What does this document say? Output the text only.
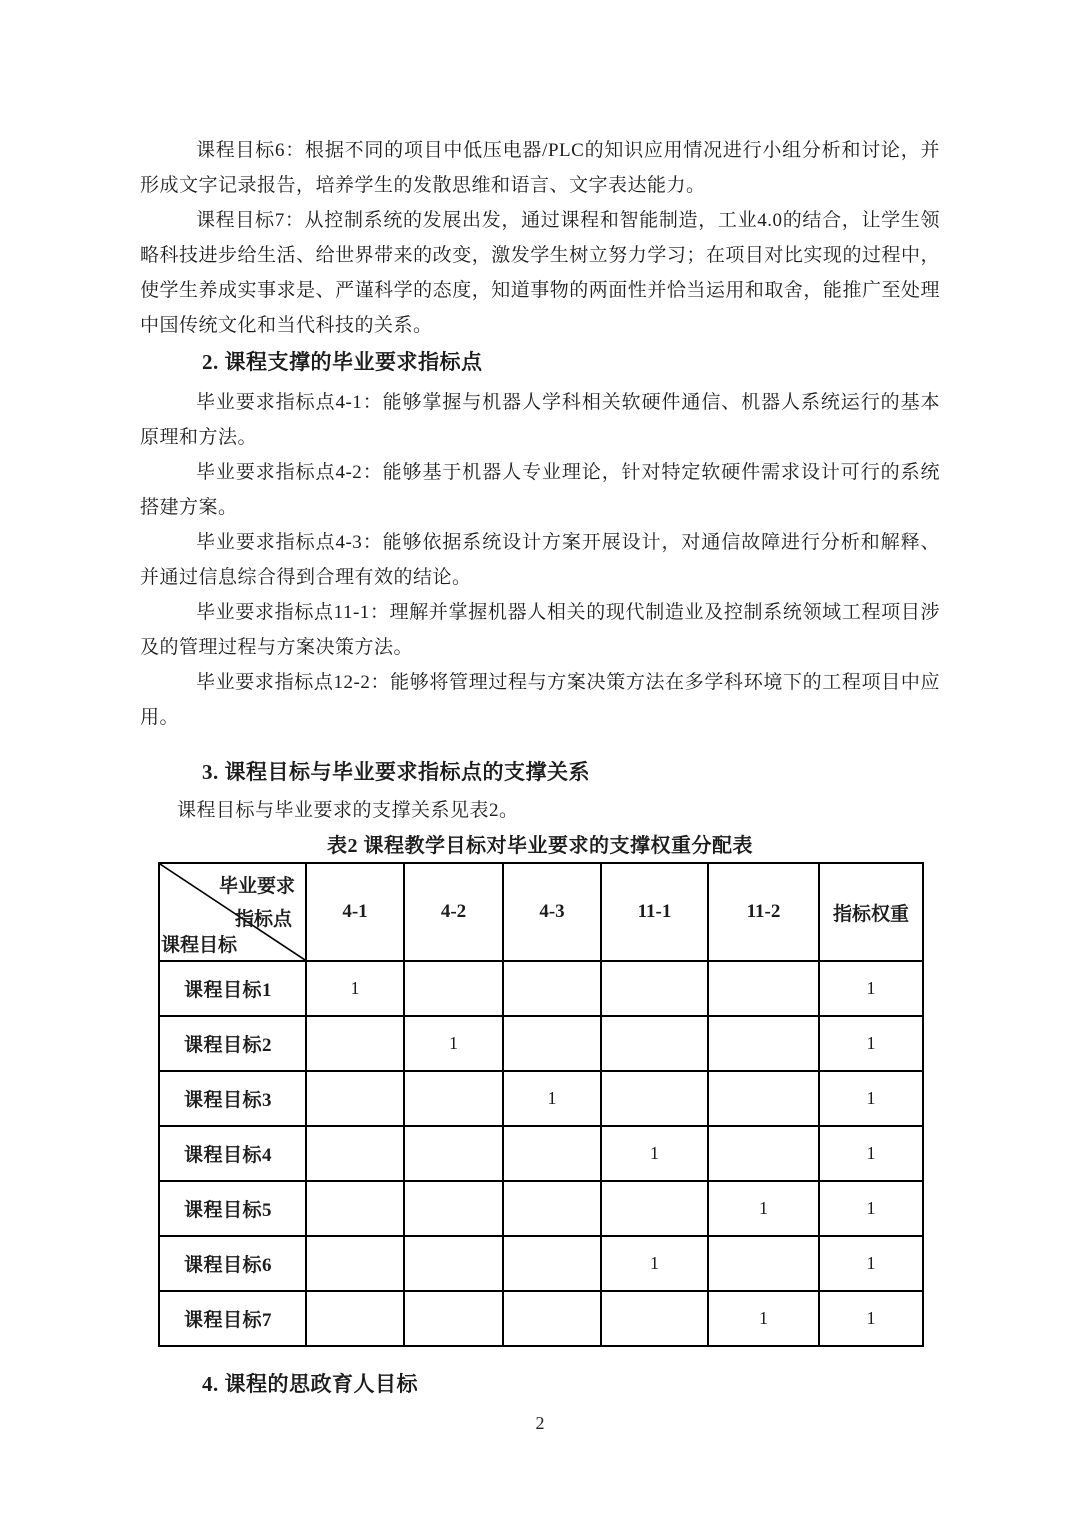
课程目标6：根据不同的项目中低压电器/PLC的知识应用情况进行小组分析和讨论，并形成文字记录报告，培养学生的发散思维和语言、文字表达能力。

课程目标7：从控制系统的发展出发，通过课程和智能制造，工业4.0的结合，让学生领略科技进步给生活、给世界带来的改变，激发学生树立努力学习；在项目对比实现的过程中，使学生养成实事求是、严谨科学的态度，知道事物的两面性并恰当运用和取舍，能推广至处理中国传统文化和当代科技的关系。

2. 课程支撑的毕业要求指标点

毕业要求指标点4-1：能够掌握与机器人学科相关软硬件通信、机器人系统运行的基本原理和方法。

毕业要求指标点4-2：能够基于机器人专业理论，针对特定软硬件需求设计可行的系统搭建方案。

毕业要求指标点4-3：能够依据系统设计方案开展设计，对通信故障进行分析和解释、并通过信息综合得到合理有效的结论。

毕业要求指标点11-1：理解并掌握机器人相关的现代制造业及控制系统领域工程项目涉及的管理过程与方案决策方法。

毕业要求指标点12-2：能够将管理过程与方案决策方法在多学科环境下的工程项目中应用。

3. 课程目标与毕业要求指标点的支撑关系

课程目标与毕业要求的支撑关系见表2。

表2 课程教学目标对毕业要求的支撑权重分配表
毕业要求
指标点
课程目标	4-1	4-2	4-3	11-1	11-2	指标权重
课程目标1	1					1
课程目标2		1				1
课程目标3			1			1
课程目标4				1		1
课程目标5					1	1
课程目标6				1		1
课程目标7					1	1
4. 课程的思政育人目标
2
